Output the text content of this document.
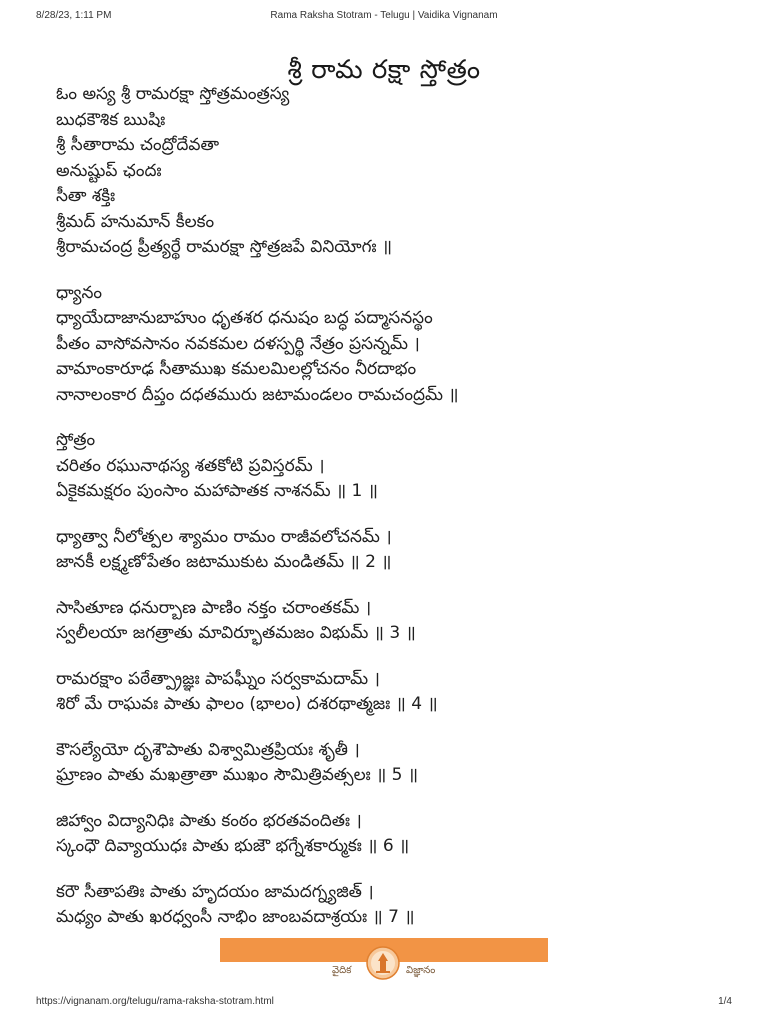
8/28/23, 1:11 PM	Rama Raksha Stotram - Telugu | Vaidika Vignanam
శ్రీ రామ రక్షా స్తోత్రం
ఓం అస్య శ్రీ రామరక్షా స్తోత్రమంత్రస్య
బుధకౌశిక ఋషిః
శ్రీ సీతారామ చంద్రోదేవతా
అనుష్టుప్ ఛందః
సీతా శక్తిః
శ్రీమద్ హనుమాన్ కీలకం
శ్రీరామచంద్ర ప్రీత్యర్థే రామరక్షా స్తోత్రజపే వినియోగః ॥
ధ్యానం
ధ్యాయేదాజానుబాహుం ధృతశర ధనుషం బద్ధ పద్మాసనస్థం
పీతం వాసోవసానం నవకమల దళస్పర్థి నేత్రం ప్రసన్నమ్ ।
వామాంకారూఢ సీతాముఖ కమలమిలల్లోచనం నీరదాభం
నానాలంకార దీప్తం దధతమురు జటామండలం రామచంద్రమ్ ॥
స్తోత్రం
చరితం రఘునాథస్య శతకోటి ప్రవిస్తరమ్ ।
ఏకైకమక్షరం పుంసాం మహాపాతక నాశనమ్ ॥ 1 ॥
ధ్యాత్వా నీలోత్పల శ్యామం రామం రాజీవలోచనమ్ ।
జానకీ లక్ష్మణోపేతం జటాముకుట మండితమ్ ॥ 2 ॥
సాసితూణ ధనుర్బాణ పాణిం నక్తం చరాంతకమ్ ।
స్వలీలయా జగత్రాతు మావిర్భూతమజం విభుమ్ ॥ 3 ॥
రామరక్షాం పఠేత్ప్రాజ్ఞః పాపఘ్నీం సర్వకామదామ్ ।
శిరో మే రాఘవః పాతు ఫాలం (భాలం) దశరథాత్మజః ॥ 4 ॥
కౌసల్యేయో దృశౌపాతు విశ్వామిత్రప్రియః శృతీ ।
ఘ్రాణం పాతు మఖత్రాతా ముఖం సౌమిత్రివత్సలః ॥ 5 ॥
జిహ్వాం విద్యానిధిః పాతు కంఠం భరతవందితః ।
స్కంధౌ దివ్యాయుధః పాతు భుజౌ భగ్నేశకార్ముకః ॥ 6 ॥
కరౌ సీతాపతిః పాతు హృదయం జామదగ్న్యజిత్ ।
మధ్యం పాతు ఖరధ్వంసీ నాభిం జాంబవదాశ్రయః ॥ 7 ॥
వైదిక	విజ్ఞానం
https://vignanam.org/telugu/rama-raksha-stotram.html	1/4
